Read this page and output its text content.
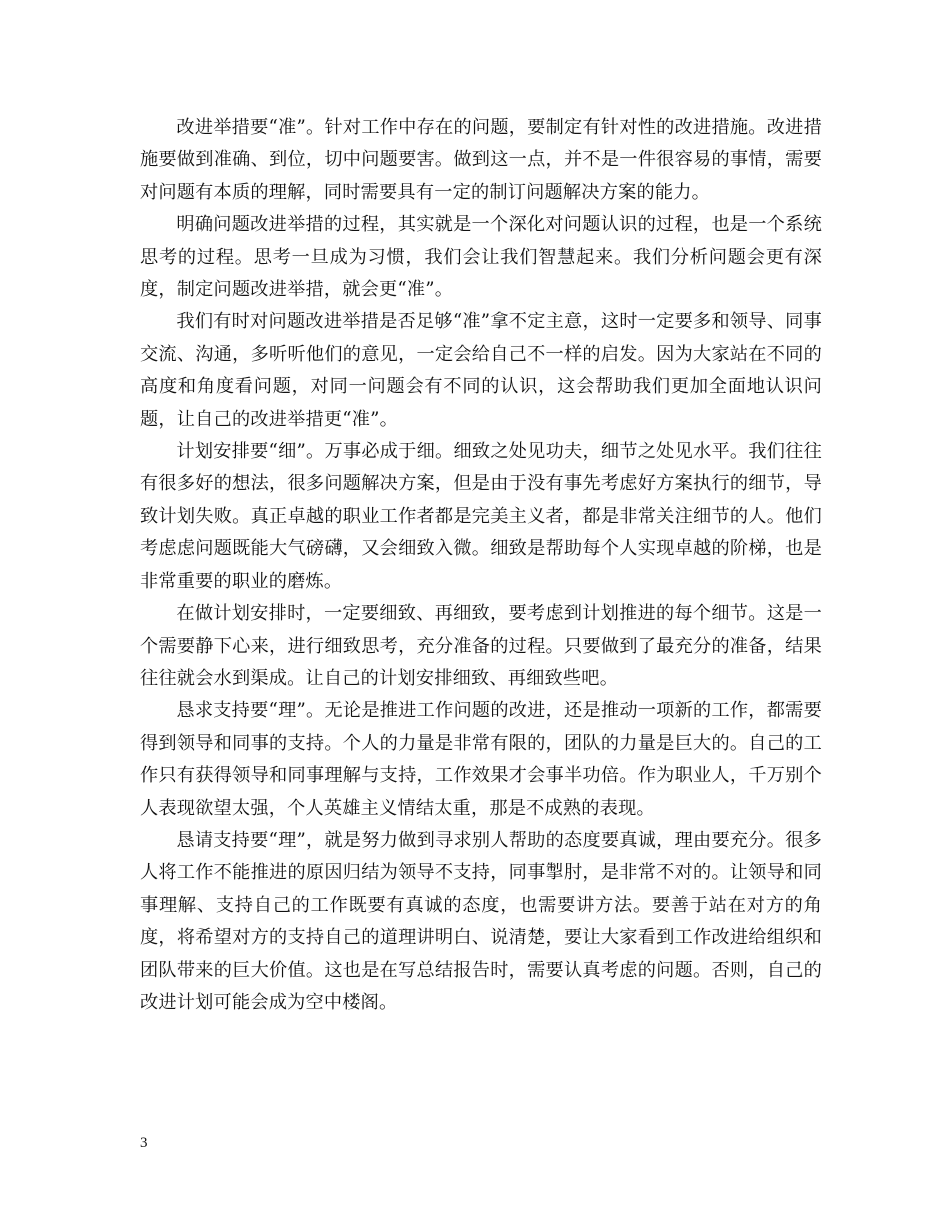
改进举措要“准”。针对工作中存在的问题，要制定有针对性的改进措施。改进措施要做到准确、到位，切中问题要害。做到这一点，并不是一件很容易的事情，需要对问题有本质的理解，同时需要具有一定的制订问题解决方案的能力。

明确问题改进举措的过程，其实就是一个深化对问题认识的过程，也是一个系统思考的过程。思考一旦成为习惯，我们会让我们智慧起来。我们分析问题会更有深度，制定问题改进举措，就会更“准”。

我们有时对问题改进举措是否足够“准”拿不定主意，这时一定要多和领导、同事交流、沟通，多听听他们的意见，一定会给自己不一样的启发。因为大家站在不同的高度和角度看问题，对同一问题会有不同的认识，这会帮助我们更加全面地认识问题，让自己的改进举措更“准”。

计划安排要“细”。万事必成于细。细致之处见功夫，细节之处见水平。我们往往有很多好的想法，很多问题解决方案，但是由于没有事先考虑好方案执行的细节，导致计划失败。真正卓越的职业工作者都是完美主义者，都是非常关注细节的人。他们考虑虑问题既能大气磅礴，又会细致入微。细致是帮助每个人实现卓越的阶梯，也是非常重要的职业的磨炼。

在做计划安排时，一定要细致、再细致，要考虑到计划推进的每个细节。这是一个需要静下心来，进行细致思考，充分准备的过程。只要做到了最充分的准备，结果往往就会水到渠成。让自己的计划安排细致、再细致些吧。

恳求支持要“理”。无论是推进工作问题的改进，还是推动一项新的工作，都需要得到领导和同事的支持。个人的力量是非常有限的，团队的力量是巨大的。自己的工作只有获得领导和同事理解与支持，工作效果才会事半功倍。作为职业人，千万别个人表现欲望太强，个人英雄主义情结太重，那是不成熟的表现。

恳请支持要“理”，就是努力做到寻求别人帮助的态度要真诚，理由要充分。很多人将工作不能推进的原因归结为领导不支持，同事掣肘，是非常不对的。让领导和同事理解、支持自己的工作既要有真诚的态度，也需要讲方法。要善于站在对方的角度，将希望对方的支持自己的道理讲明白、说清楚，要让大家看到工作改进给组织和团队带来的巨大价值。这也是在写总结报告时，需要认真考虑的问题。否则，自己的改进计划可能会成为空中楼阁。

3
